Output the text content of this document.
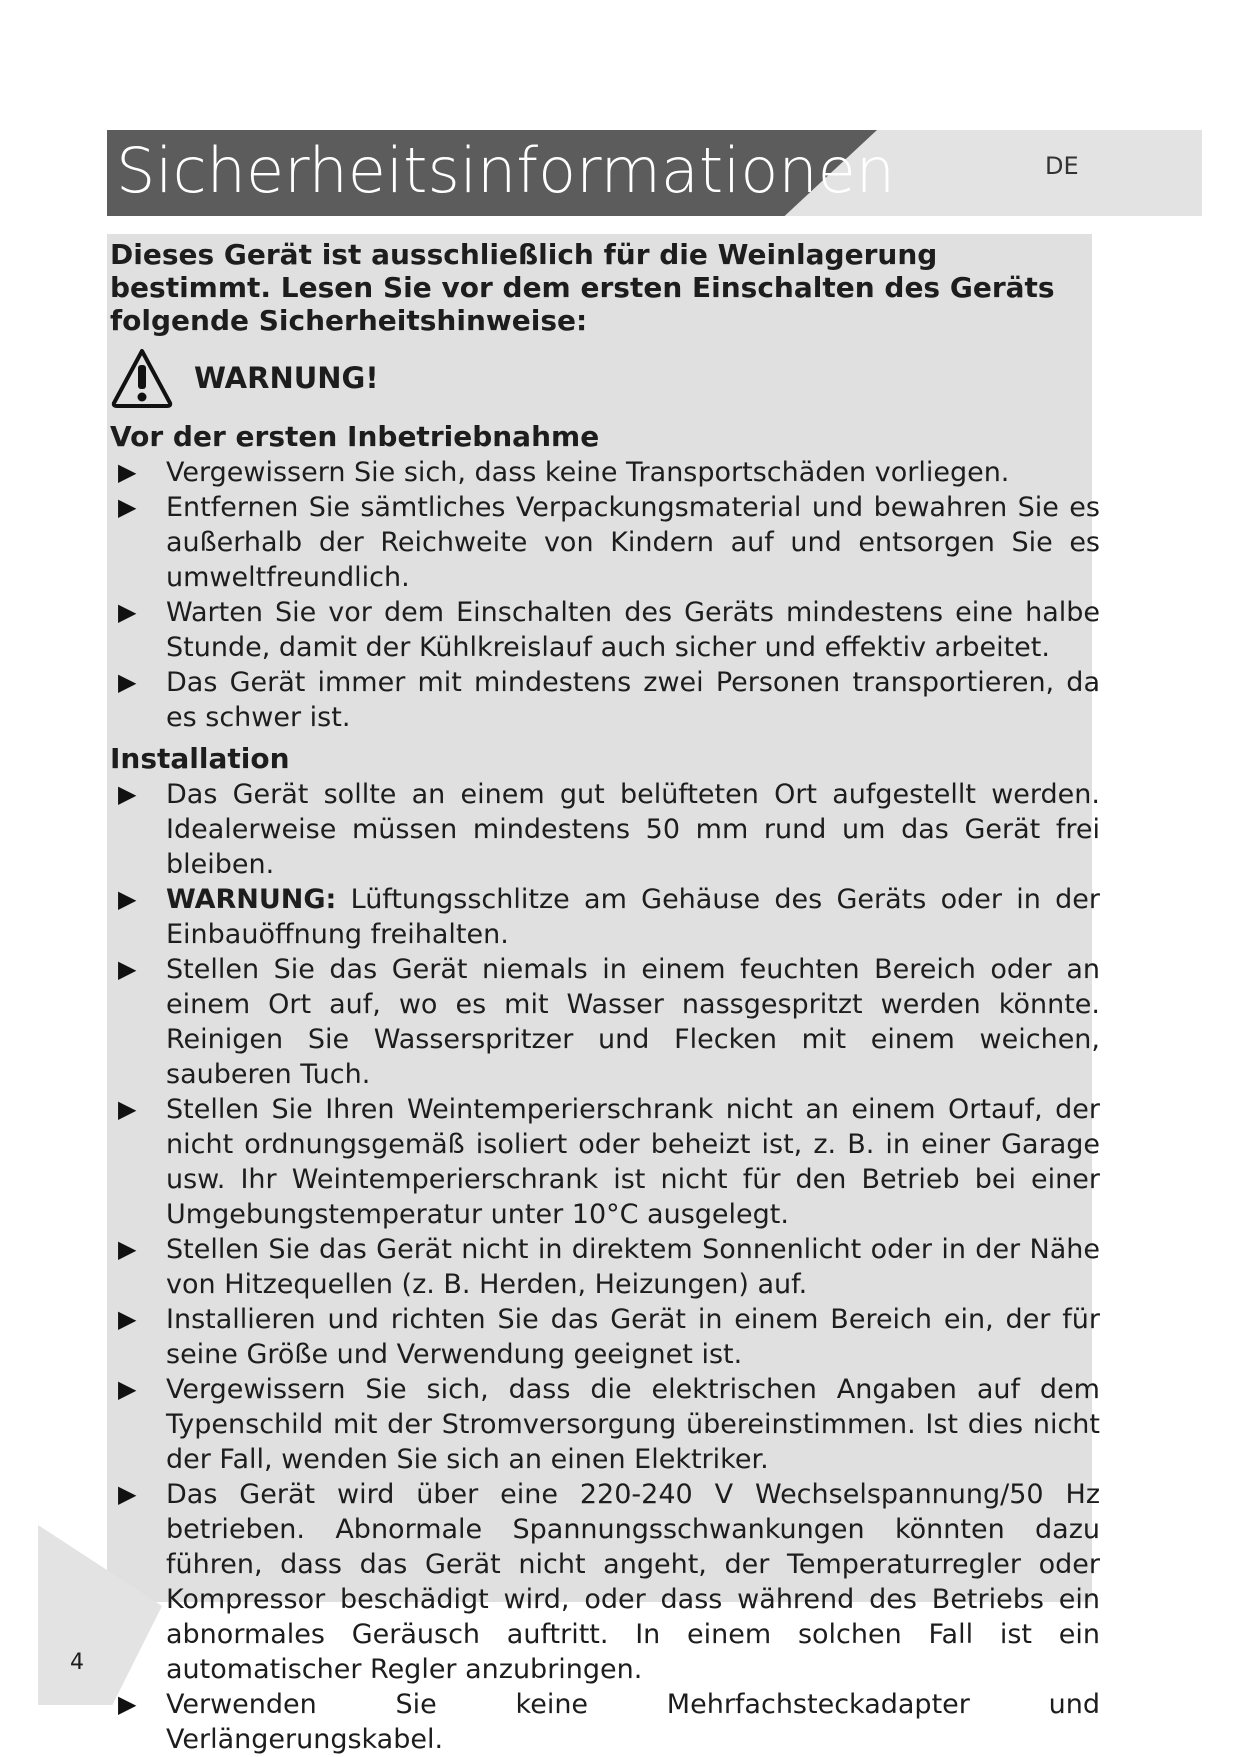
Sicherheitsinformationen	DE

Dieses Gerät ist ausschließlich für die Weinlagerung bestimmt. Lesen Sie vor dem ersten Einschalten des Geräts folgende Sicherheitshinweise:

WARNUNG!
Vor der ersten Inbetriebnahme
▶ Vergewissern Sie sich, dass keine Transportschäden vorliegen.
▶ Entfernen Sie sämtliches Verpackungsmaterial und bewahren Sie es außerhalb der Reichweite von Kindern auf und entsorgen Sie es umweltfreundlich.
▶ Warten Sie vor dem Einschalten des Geräts mindestens eine halbe Stunde, damit der Kühlkreislauf auch sicher und effektiv arbeitet.
▶ Das Gerät immer mit mindestens zwei Personen transportieren, da es schwer ist.
Installation
▶ Das Gerät sollte an einem gut belüfteten Ort aufgestellt werden. Idealerweise müssen mindestens 50 mm rund um das Gerät frei bleiben.
▶ WARNUNG: Lüftungsschlitze am Gehäuse des Geräts oder in der Einbauöffnung freihalten.
▶ Stellen Sie das Gerät niemals in einem feuchten Bereich oder an einem Ort auf, wo es mit Wasser nassgespritzt werden könnte. Reinigen Sie Wasserspritzer und Flecken mit einem weichen, sauberen Tuch.
▶ Stellen Sie Ihren Weintemperierschrank nicht an einem Ortauf, der nicht ordnungsgemäß isoliert oder beheizt ist, z. B. in einer Garage usw. Ihr Weintemperierschrank ist nicht für den Betrieb bei einer Umgebungstemperatur unter 10°C ausgelegt.
▶ Stellen Sie das Gerät nicht in direktem Sonnenlicht oder in der Nähe von Hitzequellen (z. B. Herden, Heizungen) auf.
▶ Installieren und richten Sie das Gerät in einem Bereich ein, der für seine Größe und Verwendung geeignet ist.
▶ Vergewissern Sie sich, dass die elektrischen Angaben auf dem Typenschild mit der Stromversorgung übereinstimmen. Ist dies nicht der Fall, wenden Sie sich an einen Elektriker.
▶ Das Gerät wird über eine 220-240 V Wechselspannung/50 Hz betrieben. Abnormale Spannungsschwankungen könnten dazu führen, dass das Gerät nicht angeht, der Temperaturregler oder Kompressor beschädigt wird, oder dass während des Betriebs ein abnormales Geräusch auftritt. In einem solchen Fall ist ein automatischer Regler anzubringen.
▶ Verwenden Sie keine Mehrfachsteckadapter und Verlängerungskabel.
4
